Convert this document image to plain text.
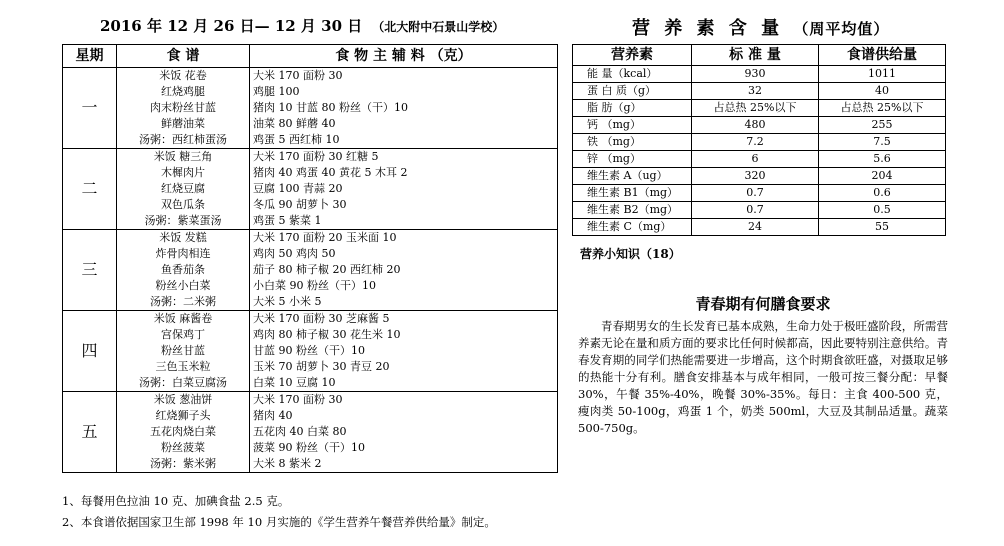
2016 年 12 月 26 日— 12 月 30 日 （北大附中石景山学校）	营 养 素 含 量 （周平均值）
星期	食 谱	食 物 主 辅 料 （克）
一	米饭 花卷	大米 170 面粉 30
	红烧鸡腿	鸡腿 100
	肉末粉丝甘蓝	猪肉 10 甘蓝 80 粉丝（干）10
	鲜蘑油菜	油菜 80 鲜蘑 40
	汤粥：西红柿蛋汤	鸡蛋 5 西红柿 10
二	米饭 糖三角	大米 170 面粉 30 红糖 5
	木樨肉片	猪肉 40 鸡蛋 40 黄花 5 木耳 2
	红烧豆腐	豆腐 100 青蒜 20
	双色瓜条	冬瓜 90 胡萝卜 30
	汤粥：紫菜蛋汤	鸡蛋 5 紫菜 1
三	米饭 发糕	大米 170 面粉 20 玉米面 10
	炸骨肉相连	鸡肉 50 鸡肉 50
	鱼香茄条	茄子 80 柿子椒 20 西红柿 20
	粉丝小白菜	小白菜 90 粉丝（干）10
	汤粥：二米粥	大米 5 小米 5
四	米饭 麻酱卷	大米 170 面粉 30 芝麻酱 5
	宫保鸡丁	鸡肉 80 柿子椒 30 花生米 10
	粉丝甘蓝	甘蓝 90 粉丝（干）10
	三色玉米粒	玉米 70 胡萝卜 30 青豆 20
	汤粥：白菜豆腐汤	白菜 10 豆腐 10
五	米饭 葱油饼	大米 170 面粉 30
	红烧狮子头	猪肉 40
	五花肉烧白菜	五花肉 40 白菜 80
	粉丝菠菜	菠菜 90 粉丝（干）10
	汤粥：紫米粥	大米 8 紫米 2
营养素	标 准 量	食谱供给量
能 量（kcal）	930	1011
蛋 白 质（g）	32	40
脂 肪（g）	占总热 25%以下	占总热 25%以下
钙 （mg）	480	255
铁 （mg）	7.2	7.5
锌 （mg）	6	5.6
维生素 A（ug）	320	204
维生素 B1（mg）	0.7	0.6
维生素 B2（mg）	0.7	0.5
维生素 C（mg）	24	55
营养小知识（18）
青春期有何膳食要求
青春期男女的生长发育已基本成熟，生命力处于极旺盛阶段，所需营养素无论在量和质方面的要求比任何时候都高，因此要特别注意供给。青春发育期的同学们热能需要进一步增高，这个时期食欲旺盛，对摄取足够的热能十分有利。膳食安排基本与成年相同，一般可按三餐分配：早餐 30%，午餐 35%-40%，晚餐 30%-35%。每日：主食 400-500 克，瘦肉类 50-100g，鸡蛋 1 个，奶类 500ml，大豆及其制品适量。蔬菜 500-750g。
1、每餐用色拉油 10 克、加碘食盐 2.5 克。
2、本食谱依据国家卫生部 1998 年 10 月实施的《学生营养午餐营养供给量》制定。
